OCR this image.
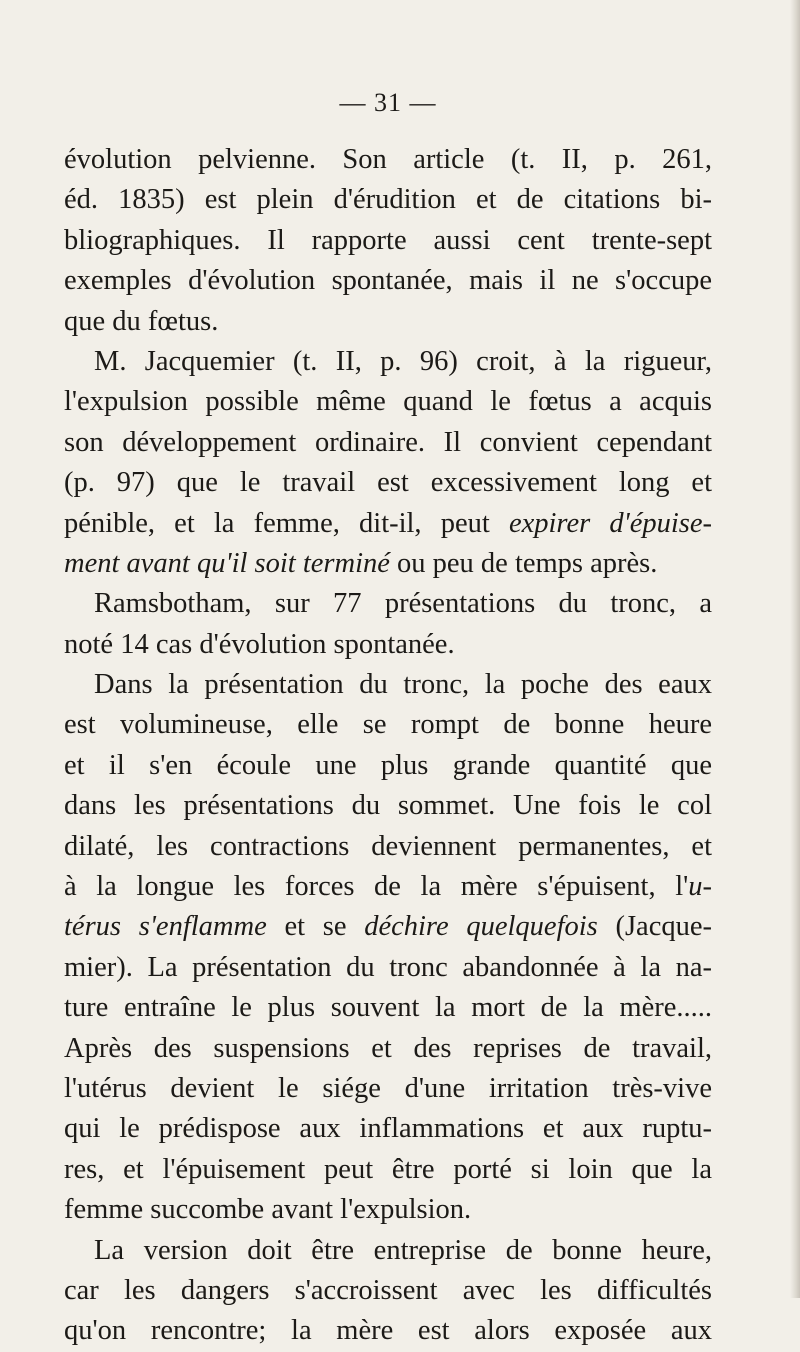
— 31 —
évolution pelvienne. Son article (t. II, p. 261,
éd. 1835) est plein d'érudition et de citations bi-
bliographiques. Il rapporte aussi cent trente-sept
exemples d'évolution spontanée, mais il ne s'occupe
que du fœtus.
M. Jacquemier (t. II, p. 96) croit, à la rigueur,
l'expulsion possible même quand le fœtus a acquis
son développement ordinaire. Il convient cependant
(p. 97) que le travail est excessivement long et
pénible, et la femme, dit-il, peut expirer d'épuise-
ment avant qu'il soit terminé ou peu de temps après.
Ramsbotham, sur 77 présentations du tronc, a
noté 14 cas d'évolution spontanée.
Dans la présentation du tronc, la poche des eaux
est volumineuse, elle se rompt de bonne heure
et il s'en écoule une plus grande quantité que
dans les présentations du sommet. Une fois le col
dilaté, les contractions deviennent permanentes, et
à la longue les forces de la mère s'épuisent, l'u-
térus s'enflamme et se déchire quelquefois (Jacque-
mier). La présentation du tronc abandonnée à la na-
ture entraîne le plus souvent la mort de la mère.....
Après des suspensions et des reprises de travail,
l'utérus devient le siége d'une irritation très-vive
qui le prédispose aux inflammations et aux ruptu-
res, et l'épuisement peut être porté si loin que la
femme succombe avant l'expulsion.
La version doit être entreprise de bonne heure,
car les dangers s'accroissent avec les difficultés
qu'on rencontre; la mère est alors exposée aux
